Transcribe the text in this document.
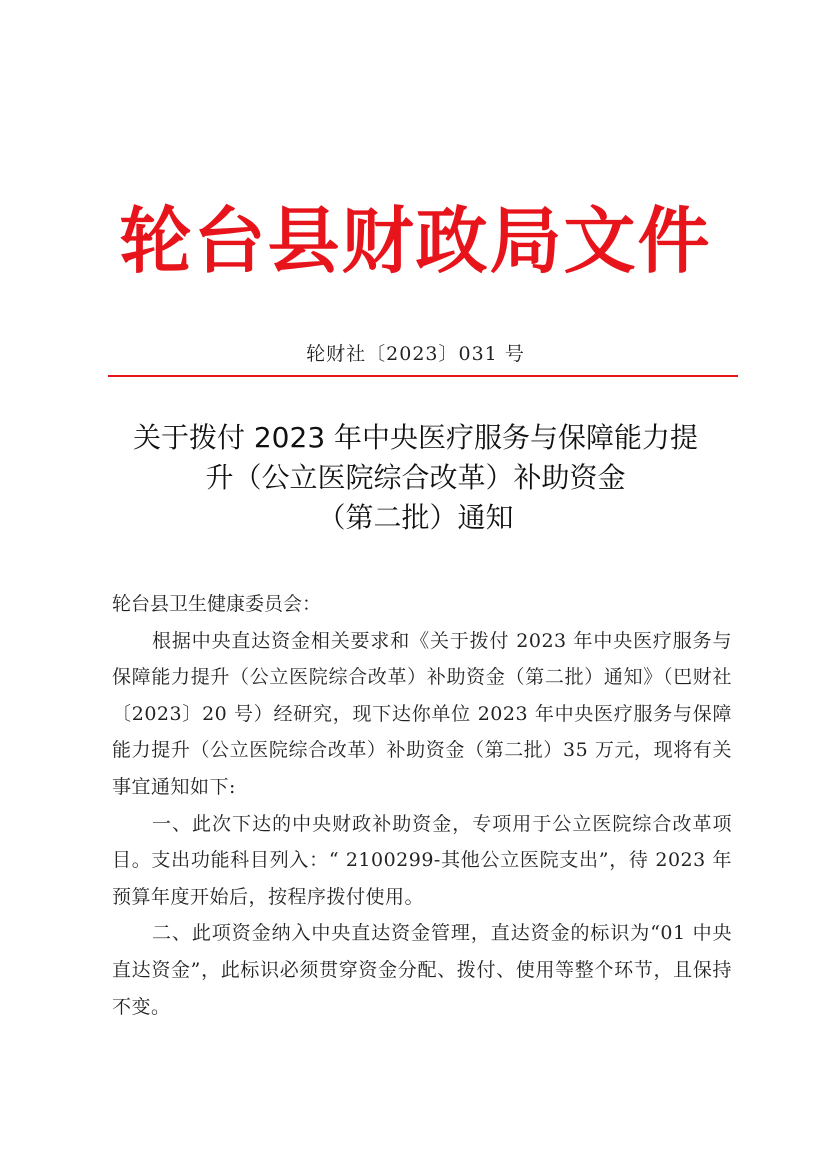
轮台县财政局文件
轮财社〔2023〕031 号
关于拨付 2023 年中央医疗服务与保障能力提
升（公立医院综合改革）补助资金
（第二批）通知

轮台县卫生健康委员会：

根据中央直达资金相关要求和《关于拨付 2023 年中央医疗服务与保障能力提升（公立医院综合改革）补助资金（第二批）通知》（巴财社〔2023〕20 号）经研究，现下达你单位 2023 年中央医疗服务与保障能力提升（公立医院综合改革）补助资金（第二批）35 万元，现将有关事宜通知如下:

一、此次下达的中央财政补助资金，专项用于公立医院综合改革项目。支出功能科目列入：“ 2100299-其他公立医院支出”，待 2023 年预算年度开始后，按程序拨付使用。

二、此项资金纳入中央直达资金管理，直达资金的标识为“01 中央直达资金”，此标识必须贯穿资金分配、拨付、使用等整个环节，且保持不变。
